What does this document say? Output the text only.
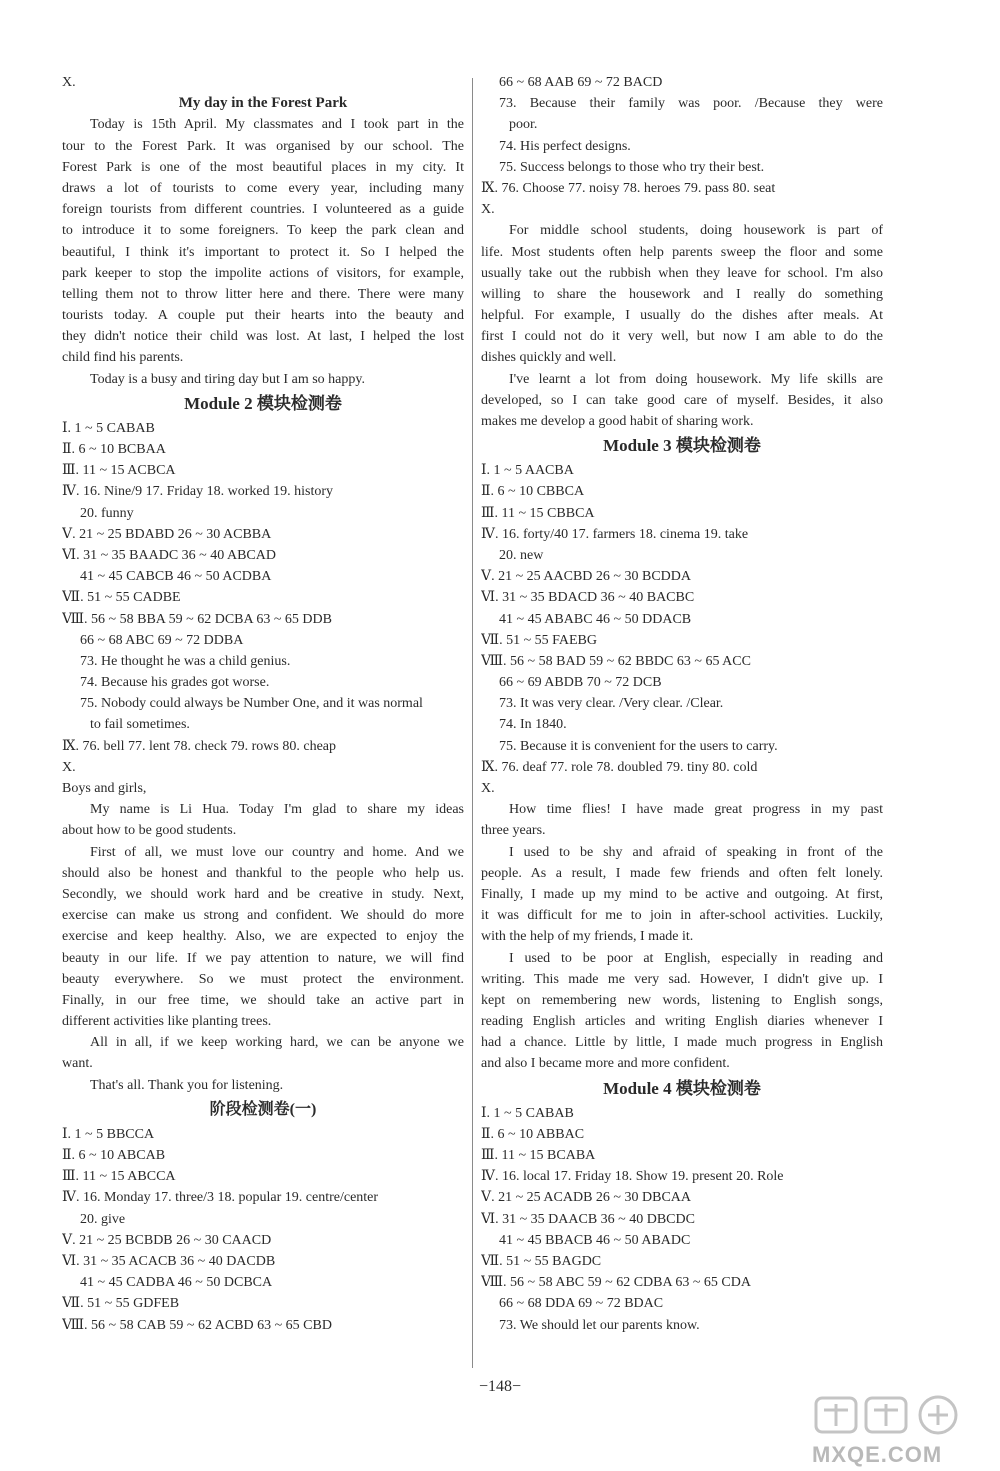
X.
My day in the Forest Park
Today is 15th April. My classmates and I took part in the
tour to the Forest Park. It was organised by our school. The
Forest Park is one of the most beautiful places in my city. It
draws a lot of tourists to come every year, including many
foreign tourists from different countries. I volunteered as a guide
to introduce it to some foreigners. To keep the park clean and
beautiful, I think it's important to protect it. So I helped the
park keeper to stop the impolite actions of visitors, for example,
telling them not to throw litter here and there. There were many
tourists today. A couple put their hearts into the beauty and
they didn't notice their child was lost. At last, I helped the lost
child find his parents.
Today is a busy and tiring day but I am so happy.
Module 2 模块检测卷
Ⅰ. 1 ~ 5 CABAB
Ⅱ. 6 ~ 10 BCBAA
Ⅲ. 11 ~ 15 ACBCA
Ⅳ. 16. Nine/9 17. Friday 18. worked 19. history
20. funny
Ⅴ. 21 ~ 25 BDABD 26 ~ 30 ACBBA
Ⅵ. 31 ~ 35 BAADC 36 ~ 40 ABCAD
41 ~ 45 CABCB 46 ~ 50 ACDBA
Ⅶ. 51 ~ 55 CADBE
Ⅷ. 56 ~ 58 BBA 59 ~ 62 DCBA 63 ~ 65 DDB
66 ~ 68 ABC 69 ~ 72 DDBA
73. He thought he was a child genius.
74. Because his grades got worse.
75. Nobody could always be Number One, and it was normal
to fail sometimes.
Ⅸ. 76. bell 77. lent 78. check 79. rows 80. cheap
X.
Boys and girls,
My name is Li Hua. Today I'm glad to share my ideas
about how to be good students.
First of all, we must love our country and home. And we
should also be honest and thankful to the people who help us.
Secondly, we should work hard and be creative in study. Next,
exercise can make us strong and confident. We should do more
exercise and keep healthy. Also, we are expected to enjoy the
beauty in our life. If we pay attention to nature, we will find
beauty everywhere. So we must protect the environment.
Finally, in our free time, we should take an active part in
different activities like planting trees.
All in all, if we keep working hard, we can be anyone we
want.
That's all. Thank you for listening.
阶段检测卷(一)
Ⅰ. 1 ~ 5 BBCCA
Ⅱ. 6 ~ 10 ABCAB
Ⅲ. 11 ~ 15 ABCCA
Ⅳ. 16. Monday 17. three/3 18. popular 19. centre/center
20. give
Ⅴ. 21 ~ 25 BCBDB 26 ~ 30 CAACD
Ⅵ. 31 ~ 35 ACACB 36 ~ 40 DACDB
41 ~ 45 CADBA 46 ~ 50 DCBCA
Ⅶ. 51 ~ 55 GDFEB
Ⅷ. 56 ~ 58 CAB 59 ~ 62 ACBD 63 ~ 65 CBD
66 ~ 68 AAB 69 ~ 72 BACD
73. Because their family was poor. /Because they were
poor.
74. His perfect designs.
75. Success belongs to those who try their best.
Ⅸ. 76. Choose 77. noisy 78. heroes 79. pass 80. seat
X.
For middle school students, doing housework is part of
life. Most students often help parents sweep the floor and some
usually take out the rubbish when they leave for school. I'm also
willing to share the housework and I really do something
helpful. For example, I usually do the dishes after meals. At
first I could not do it very well, but now I am able to do the
dishes quickly and well.
I've learnt a lot from doing housework. My life skills are
developed, so I can take good care of myself. Besides, it also
makes me develop a good habit of sharing work.
Module 3 模块检测卷
Ⅰ. 1 ~ 5 AACBA
Ⅱ. 6 ~ 10 CBBCA
Ⅲ. 11 ~ 15 CBBCA
Ⅳ. 16. forty/40 17. farmers 18. cinema 19. take
20. new
Ⅴ. 21 ~ 25 AACBD 26 ~ 30 BCDDA
Ⅵ. 31 ~ 35 BDACD 36 ~ 40 BACBC
41 ~ 45 ABABC 46 ~ 50 DDACB
Ⅶ. 51 ~ 55 FAEBG
Ⅷ. 56 ~ 58 BAD 59 ~ 62 BBDC 63 ~ 65 ACC
66 ~ 69 ABDB 70 ~ 72 DCB
73. It was very clear. /Very clear. /Clear.
74. In 1840.
75. Because it is convenient for the users to carry.
Ⅸ. 76. deaf 77. role 78. doubled 79. tiny 80. cold
X.
How time flies! I have made great progress in my past
three years.
I used to be shy and afraid of speaking in front of the
people. As a result, I made few friends and often felt lonely.
Finally, I made up my mind to be active and outgoing. At first,
it was difficult for me to join in after-school activities. Luckily,
with the help of my friends, I made it.
I used to be poor at English, especially in reading and
writing. This made me very sad. However, I didn't give up. I
kept on remembering new words, listening to English songs,
reading English articles and writing English diaries whenever I
had a chance. Little by little, I made much progress in English
and also I became more and more confident.
Module 4 模块检测卷
Ⅰ. 1 ~ 5 CABAB
Ⅱ. 6 ~ 10 ABBAC
Ⅲ. 11 ~ 15 BCABA
Ⅳ. 16. local 17. Friday 18. Show 19. present 20. Role
Ⅴ. 21 ~ 25 ACADB 26 ~ 30 DBCAA
Ⅵ. 31 ~ 35 DAACB 36 ~ 40 DBCDC
41 ~ 45 BBACB 46 ~ 50 ABADC
Ⅶ. 51 ~ 55 BAGDC
Ⅷ. 56 ~ 58 ABC 59 ~ 62 CDBA 63 ~ 65 CDA
66 ~ 68 DDA 69 ~ 72 BDAC
73. We should let our parents know.
−148−
MXQE.COM
